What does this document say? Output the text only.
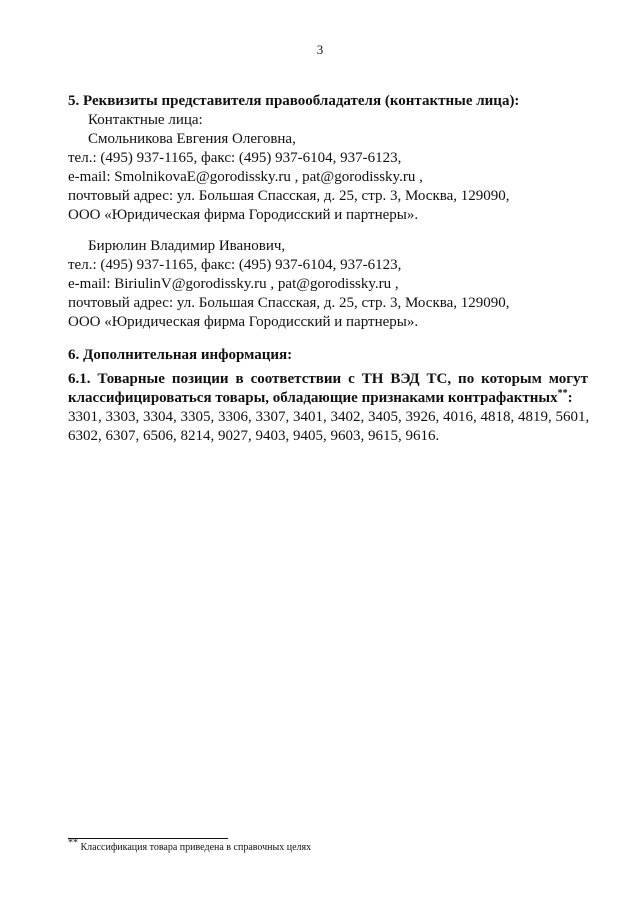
3
5. Реквизиты представителя правообладателя (контактные лица):
Контактные лица:
Смольникова Евгения Олеговна,
тел.: (495) 937-1165, факс: (495) 937-6104, 937-6123,
e-mail: SmolnikovaE@gorodissky.ru , pat@gorodissky.ru ,
почтовый адрес: ул. Большая Спасская, д. 25, стр. 3, Москва, 129090,
ООО «Юридическая фирма Городисский и партнеры».
Бирюлин Владимир Иванович,
тел.: (495) 937-1165, факс: (495) 937-6104, 937-6123,
e-mail: BiriulinV@gorodissky.ru , pat@gorodissky.ru ,
почтовый адрес: ул. Большая Спасская, д. 25, стр. 3, Москва, 129090,
ООО «Юридическая фирма Городисский и партнеры».
6. Дополнительная информация:
6.1. Товарные позиции в соответствии с ТН ВЭД ТС, по которым могут
классифицироваться товары, обладающие признаками контрафактных**:
3301, 3303, 3304, 3305, 3306, 3307, 3401, 3402, 3405, 3926, 4016, 4818, 4819, 5601,
6302, 6307, 6506, 8214, 9027, 9403, 9405, 9603, 9615, 9616.
** Классификация товара приведена в справочных целях
